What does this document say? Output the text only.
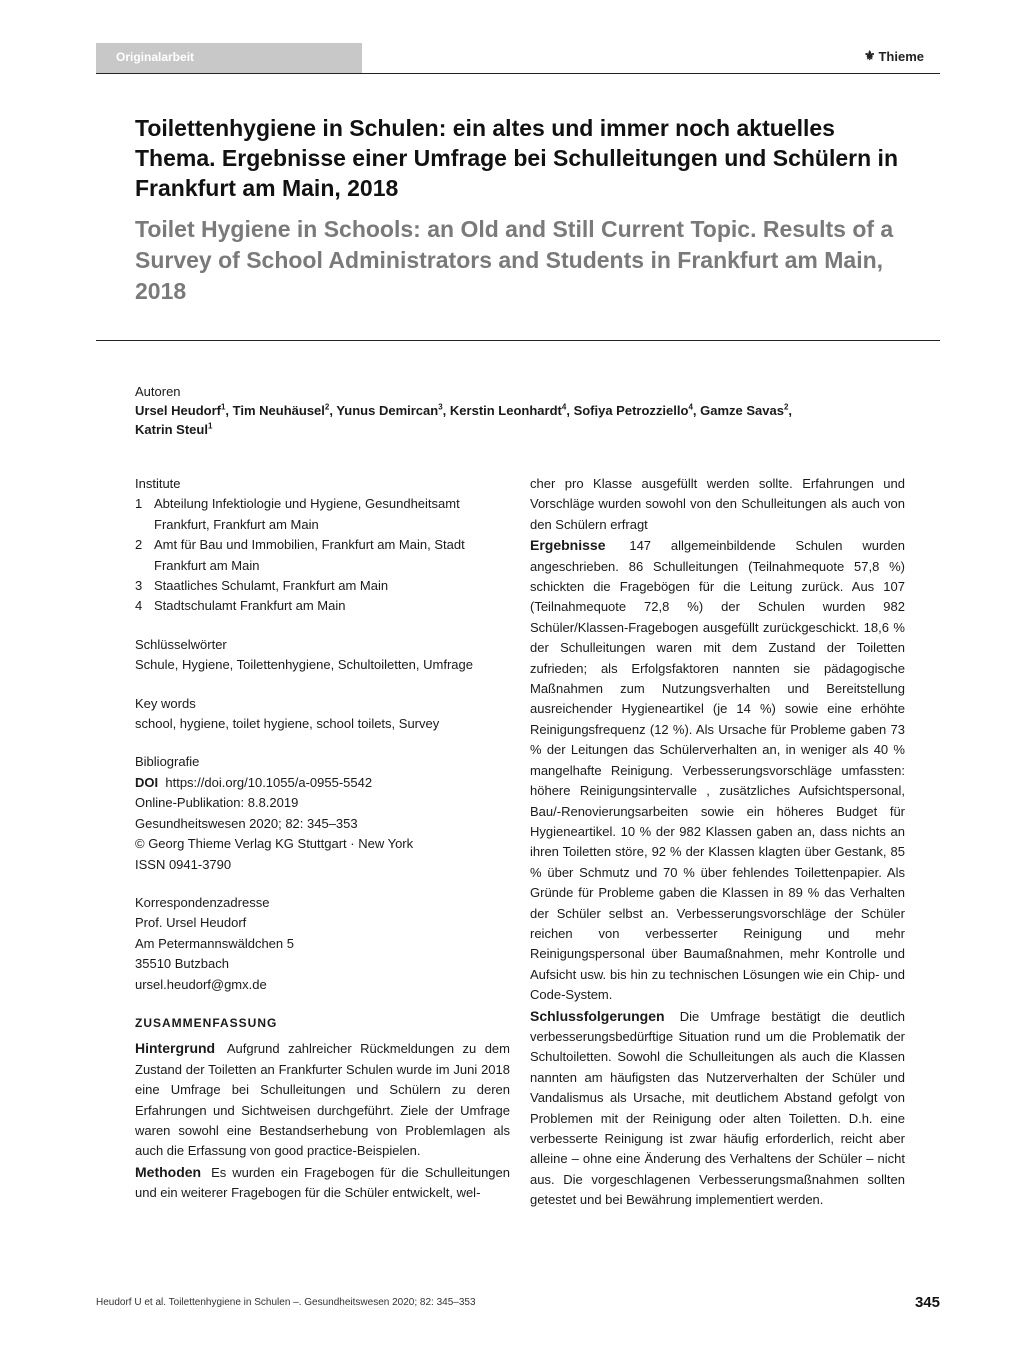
Originalarbeit	⚜ Thieme
Toilettenhygiene in Schulen: ein altes und immer noch aktuelles Thema. Ergebnisse einer Umfrage bei Schulleitungen und Schülern in Frankfurt am Main, 2018
Toilet Hygiene in Schools: an Old and Still Current Topic. Results of a Survey of School Administrators and Students in Frankfurt am Main, 2018
Autoren
Ursel Heudorf$^1$, Tim Neuhäusel$^2$, Yunus Demircan$^3$, Kerstin Leonhardt$^4$, Sofiya Petrozziello$^4$, Gamze Savas$^2$,
Katrin Steul$^1$
Institute
1 Abteilung Infektiologie und Hygiene, Gesundheitsamt Frankfurt, Frankfurt am Main
2 Amt für Bau und Immobilien, Frankfurt am Main, Stadt Frankfurt am Main
3 Staatliches Schulamt, Frankfurt am Main
4 Stadtschulamt Frankfurt am Main
Schlüsselwörter
Schule, Hygiene, Toilettenhygiene, Schultoiletten, Umfrage
Key words
school, hygiene, toilet hygiene, school toilets, Survey
Bibliografie
DOI https://doi.org/10.1055/a-0955-5542
Online-Publikation: 8.8.2019
Gesundheitswesen 2020; 82: 345–353
© Georg Thieme Verlag KG Stuttgart · New York
ISSN 0941-3790
Korrespondenzadresse
Prof. Ursel Heudorf
Am Petermannswäldchen 5
35510 Butzbach
ursel.heudorf@gmx.de
ZUSAMMENFASSUNG

Hintergrund Aufgrund zahlreicher Rückmeldungen zu dem Zustand der Toiletten an Frankfurter Schulen wurde im Juni 2018 eine Umfrage bei Schulleitungen und Schülern zu deren Erfahrungen und Sichtweisen durchgeführt. Ziele der Umfrage waren sowohl eine Bestandserhebung von Problemlagen als auch die Erfassung von good practice-Beispielen.

Methoden Es wurden ein Fragebogen für die Schulleitungen und ein weiterer Fragebogen für die Schüler entwickelt, wel-

cher pro Klasse ausgefüllt werden sollte. Erfahrungen und Vorschläge wurden sowohl von den Schulleitungen als auch von den Schülern erfragt

Ergebnisse 147 allgemeinbildende Schulen wurden angeschrieben. 86 Schulleitungen (Teilnahmequote 57,8 %) schickten die Fragebögen für die Leitung zurück. Aus 107 (Teilnahmequote 72,8 %) der Schulen wurden 982 Schüler/Klassen-Fragebogen ausgefüllt zurückgeschickt. 18,6 % der Schulleitungen waren mit dem Zustand der Toiletten zufrieden; als Erfolgsfaktoren nannten sie pädagogische Maßnahmen zum Nutzungsverhalten und Bereitstellung ausreichender Hygieneartikel (je 14 %) sowie eine erhöhte Reinigungsfrequenz (12 %). Als Ursache für Probleme gaben 73 % der Leitungen das Schülerverhalten an, in weniger als 40 % mangelhafte Reinigung. Verbesserungsvorschläge umfassten: höhere Reinigungsintervalle , zusätzliches Aufsichtspersonal, Bau/-Renovierungsarbeiten sowie ein höheres Budget für Hygieneartikel. 10 % der 982 Klassen gaben an, dass nichts an ihren Toiletten störe, 92 % der Klassen klagten über Gestank, 85 % über Schmutz und 70 % über fehlendes Toilettenpapier. Als Gründe für Probleme gaben die Klassen in 89 % das Verhalten der Schüler selbst an. Verbesserungsvorschläge der Schüler reichen von verbesserter Reinigung und mehr Reinigungspersonal über Baumaßnahmen, mehr Kontrolle und Aufsicht usw. bis hin zu technischen Lösungen wie ein Chip- und Code-System.

Schlussfolgerungen Die Umfrage bestätigt die deutlich verbesserungsbedürftige Situation rund um die Problematik der Schultoiletten. Sowohl die Schulleitungen als auch die Klassen nannten am häufigsten das Nutzerverhalten der Schüler und Vandalismus als Ursache, mit deutlichem Abstand gefolgt von Problemen mit der Reinigung oder alten Toiletten. D.h. eine verbesserte Reinigung ist zwar häufig erforderlich, reicht aber alleine – ohne eine Änderung des Verhaltens der Schüler – nicht aus. Die vorgeschlagenen Verbesserungsmaßnahmen sollten getestet und bei Bewährung implementiert werden.

Heudorf U et al. Toilettenhygiene in Schulen –. Gesundheitswesen 2020; 82: 345–353	345
